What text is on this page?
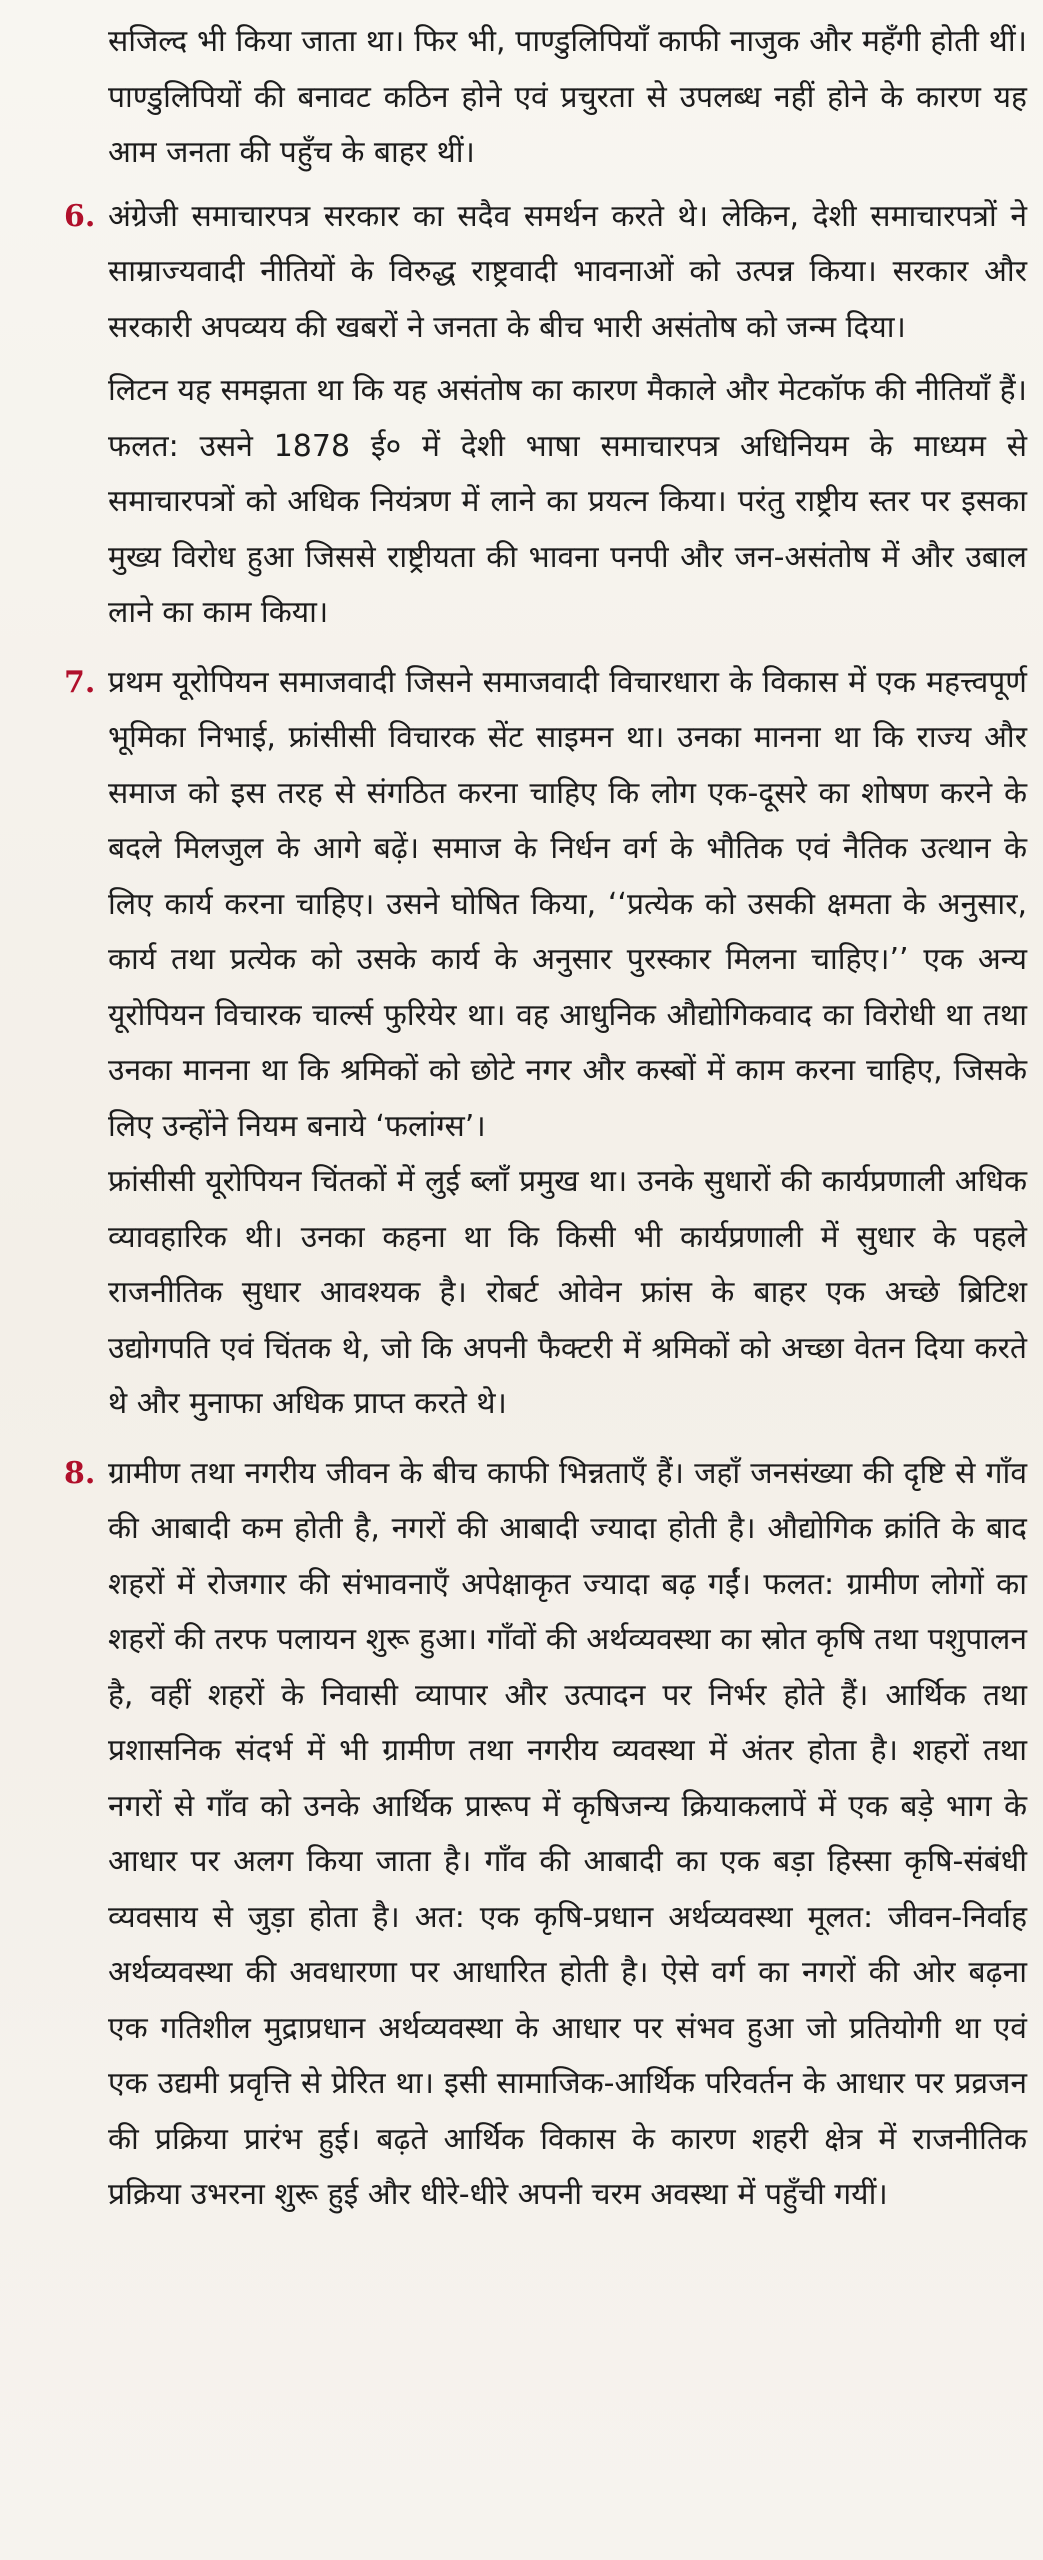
सजिल्द भी किया जाता था। फिर भी, पाण्डुलिपियाँ काफी नाजुक और महँगी होती थीं। पाण्डुलिपियों की बनावट कठिन होने एवं प्रचुरता से उपलब्ध नहीं होने के कारण यह आम जनता की पहुँच के बाहर थीं।

6. अंग्रेजी समाचारपत्र सरकार का सदैव समर्थन करते थे। लेकिन, देशी समाचारपत्रों ने साम्राज्यवादी नीतियों के विरुद्ध राष्ट्रवादी भावनाओं को उत्पन्न किया। सरकार और सरकारी अपव्यय की खबरों ने जनता के बीच भारी असंतोष को जन्म दिया।

लिटन यह समझता था कि यह असंतोष का कारण मैकाले और मेटकॉफ की नीतियाँ हैं। फलत: उसने 1878 ई० में देशी भाषा समाचारपत्र अधिनियम के माध्यम से समाचारपत्रों को अधिक नियंत्रण में लाने का प्रयत्न किया। परंतु राष्ट्रीय स्तर पर इसका मुख्य विरोध हुआ जिससे राष्ट्रीयता की भावना पनपी और जन-असंतोष में और उबाल लाने का काम किया।

7. प्रथम यूरोपियन समाजवादी जिसने समाजवादी विचारधारा के विकास में एक महत्त्वपूर्ण भूमिका निभाई, फ्रांसीसी विचारक सेंट साइमन था। उनका मानना था कि राज्य और समाज को इस तरह से संगठित करना चाहिए कि लोग एक-दूसरे का शोषण करने के बदले मिलजुल के आगे बढ़ें। समाज के निर्धन वर्ग के भौतिक एवं नैतिक उत्थान के लिए कार्य करना चाहिए। उसने घोषित किया, ‘‘प्रत्येक को उसकी क्षमता के अनुसार, कार्य तथा प्रत्येक को उसके कार्य के अनुसार पुरस्कार मिलना चाहिए।’’ एक अन्य यूरोपियन विचारक चार्ल्स फुरियेर था। वह आधुनिक औद्योगिकवाद का विरोधी था तथा उनका मानना था कि श्रमिकों को छोटे नगर और कस्बों में काम करना चाहिए, जिसके लिए उन्होंने नियम बनाये ‘फलांग्स’।

फ्रांसीसी यूरोपियन चिंतकों में लुई ब्लाँ प्रमुख था। उनके सुधारों की कार्यप्रणाली अधिक व्यावहारिक थी। उनका कहना था कि किसी भी कार्यप्रणाली में सुधार के पहले राजनीतिक सुधार आवश्यक है। रोबर्ट ओवेन फ्रांस के बाहर एक अच्छे ब्रिटिश उद्योगपति एवं चिंतक थे, जो कि अपनी फैक्टरी में श्रमिकों को अच्छा वेतन दिया करते थे और मुनाफा अधिक प्राप्त करते थे।

8. ग्रामीण तथा नगरीय जीवन के बीच काफी भिन्नताएँ हैं। जहाँ जनसंख्या की दृष्टि से गाँव की आबादी कम होती है, नगरों की आबादी ज्यादा होती है। औद्योगिक क्रांति के बाद शहरों में रोजगार की संभावनाएँ अपेक्षाकृत ज्यादा बढ़ गईं। फलत: ग्रामीण लोगों का शहरों की तरफ पलायन शुरू हुआ। गाँवों की अर्थव्यवस्था का स्रोत कृषि तथा पशुपालन है, वहीं शहरों के निवासी व्यापार और उत्पादन पर निर्भर होते हैं। आर्थिक तथा प्रशासनिक संदर्भ में भी ग्रामीण तथा नगरीय व्यवस्था में अंतर होता है। शहरों तथा नगरों से गाँव को उनके आर्थिक प्रारूप में कृषिजन्य क्रियाकलापें में एक बड़े भाग के आधार पर अलग किया जाता है। गाँव की आबादी का एक बड़ा हिस्सा कृषि-संबंधी व्यवसाय से जुड़ा होता है। अत: एक कृषि-प्रधान अर्थव्यवस्था मूलत: जीवन-निर्वाह अर्थव्यवस्था की अवधारणा पर आधारित होती है। ऐसे वर्ग का नगरों की ओर बढ़ना एक गतिशील मुद्राप्रधान अर्थव्यवस्था के आधार पर संभव हुआ जो प्रतियोगी था एवं एक उद्यमी प्रवृत्ति से प्रेरित था। इसी सामाजिक-आर्थिक परिवर्तन के आधार पर प्रव्रजन की प्रक्रिया प्रारंभ हुई। बढ़ते आर्थिक विकास के कारण शहरी क्षेत्र में राजनीतिक प्रक्रिया उभरना शुरू हुई और धीरे-धीरे अपनी चरम अवस्था में पहुँची गयीं।
